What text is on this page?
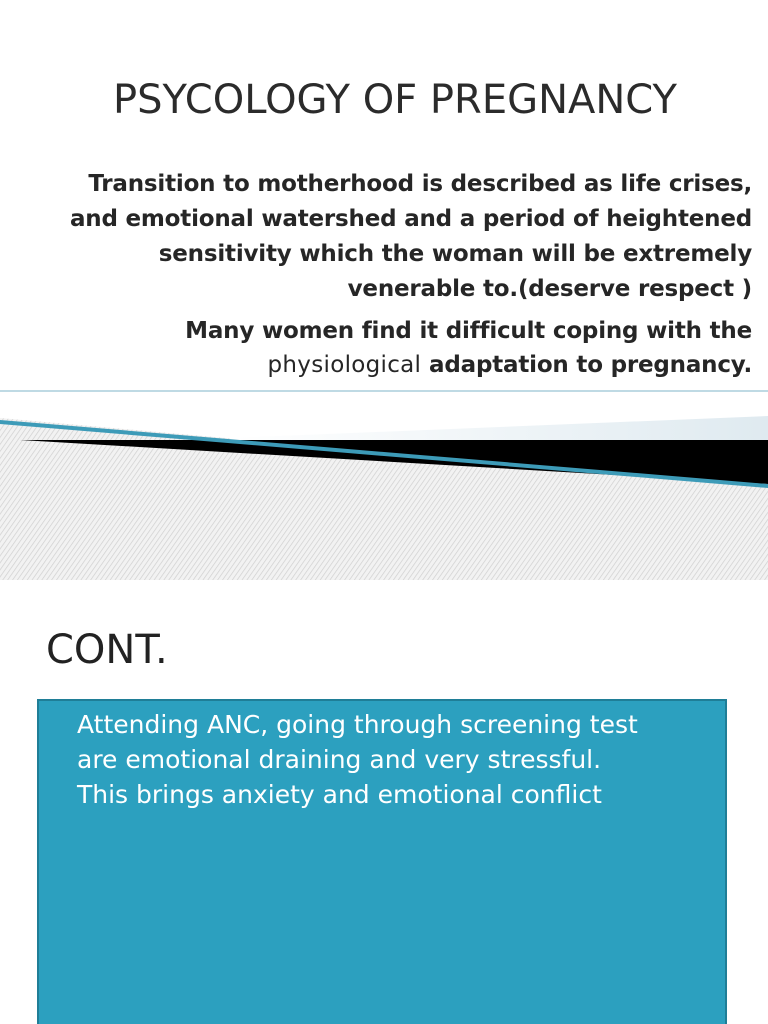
PSYCOLOGY OF PREGNANCY

Transition to motherhood is described as life crises,
and emotional watershed and a period of heightened
sensitivity which the woman will be extremely
venerable to.(deserve respect )

Many women find it difficult coping with the
physiological adaptation to pregnancy.

CONT.

Attending ANC, going through screening test
are emotional draining and very stressful.
This brings anxiety and emotional conflict
